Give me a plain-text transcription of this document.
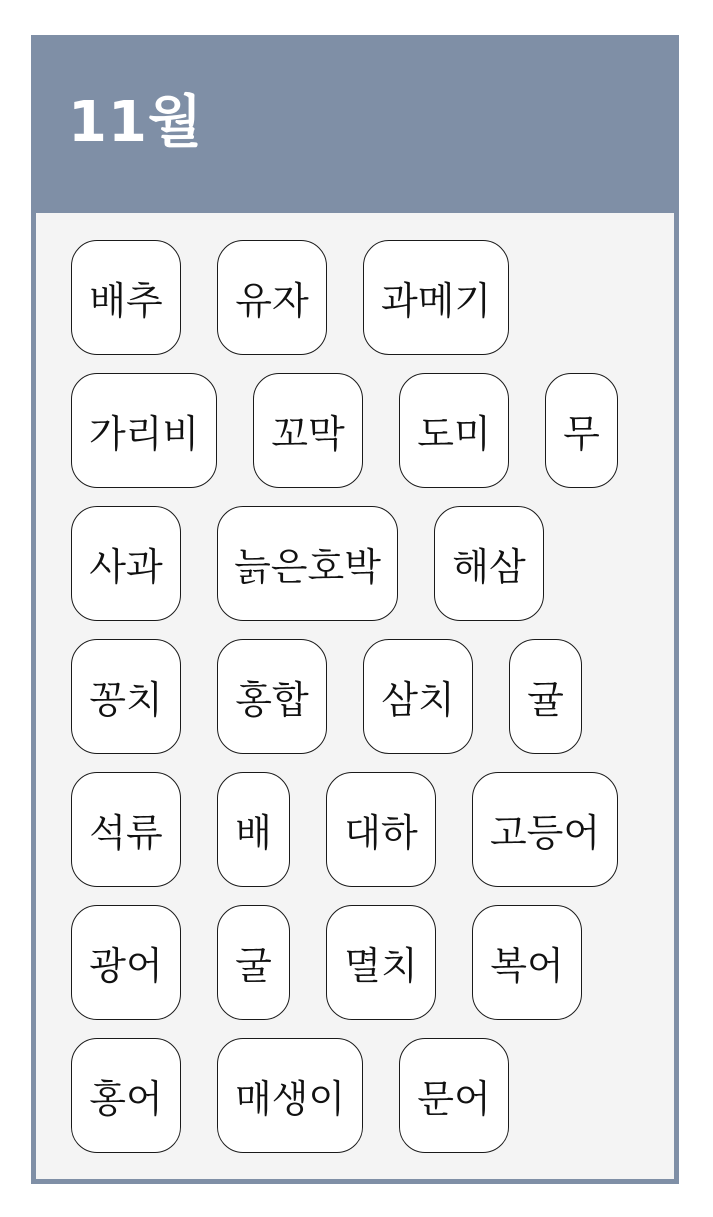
11월
배추	유자	과메기
가리비	꼬막	도미	무
사과	늙은호박	해삼
꽁치	홍합	삼치	귤
석류	배	대하	고등어
광어	굴	멸치	복어
홍어	매생이	문어
